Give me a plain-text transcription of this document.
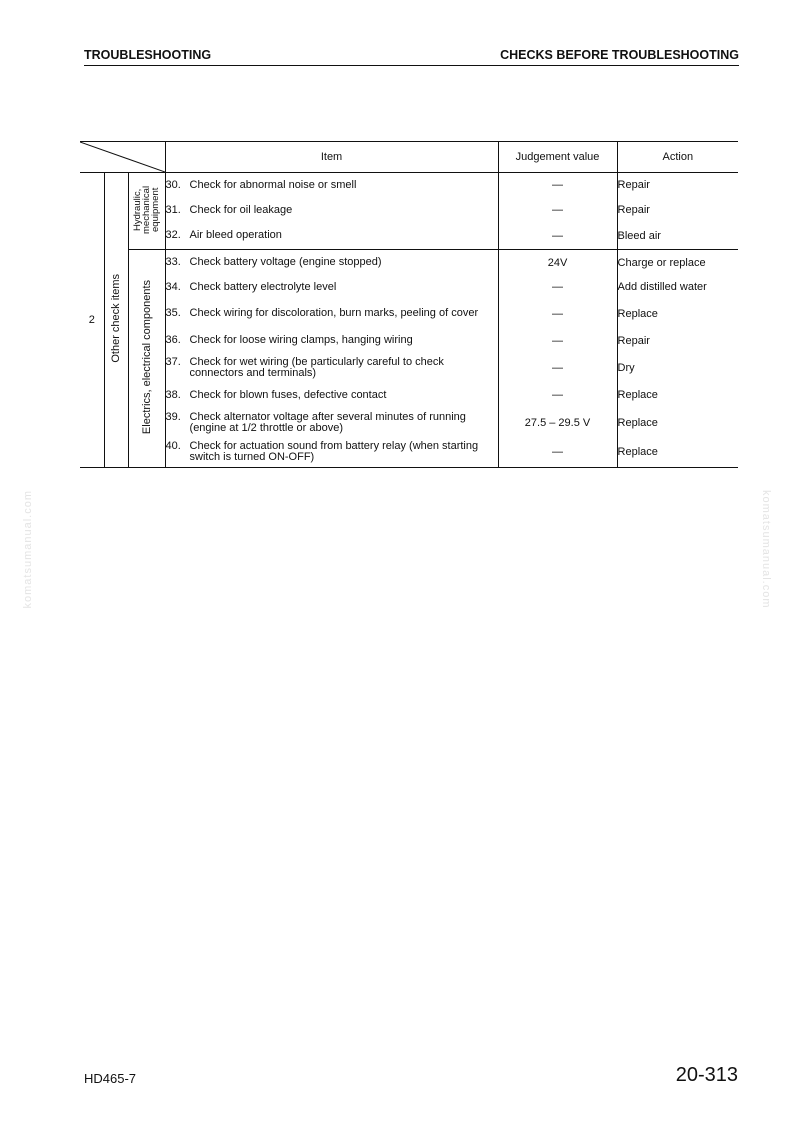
TROUBLESHOOTING	CHECKS BEFORE TROUBLESHOOTING
komatsumanual.com	komatsumanual.com
	Item	Judgement value	Action
2	Other check items	Hydraulic, mechanical equipment	30. Check for abnormal noise or smell	—	Repair

			31. Check for oil leakage	—	Repair

			32. Air bleed operation	—	Bleed air
		Electrics, electrical components	33. Check battery voltage (engine stopped)	24V	Charge or replace

			34. Check battery electrolyte level	—	Add distilled water

			35. Check wiring for discoloration, burn marks, peeling of cover	—	Replace

			36. Check for loose wiring clamps, hanging wiring	—	Repair

			37. Check for wet wiring (be particularly careful to check connectors and terminals)	—	Dry

			38. Check for blown fuses, defective contact	—	Replace

			39. Check alternator voltage after several minutes of running (engine at 1/2 throttle or above)	27.5 – 29.5 V	Replace

			40. Check for actuation sound from battery relay (when starting switch is turned ON-OFF)	—	Replace
HD465-7	20-313
